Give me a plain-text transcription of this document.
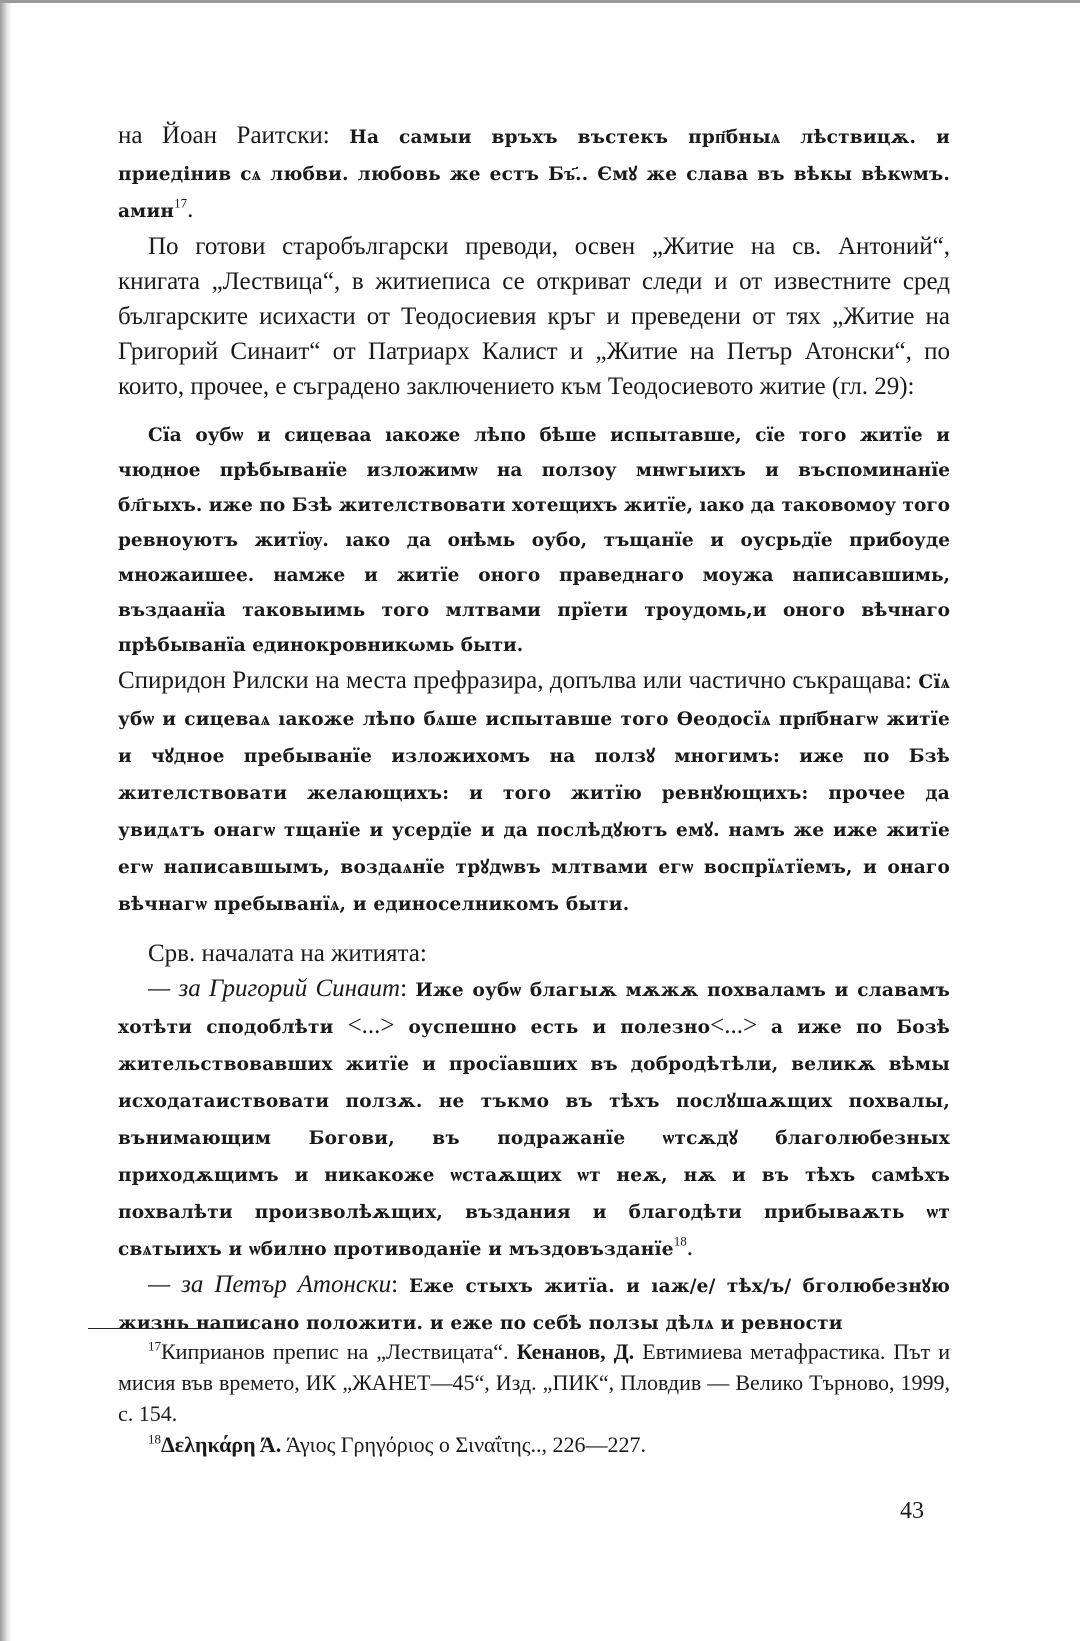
на Йоан Раитски: На самыи връхъ въстекъ прп҃бныѧ лѣствицѫ. и приедінив сѧ любви. любовь же естъ Бъ҃.. Ємꙋ же слава въ вѣкы вѣкѡмъ. амин$^{17}$.

По готови старобългарски преводи, освен „Житие на св. Антоний“, книгата „Лествица“, в житиеписа се откриват следи и от известните сред българските исихасти от Теодосиевия кръг и преведени от тях „Житие на Григорий Синаит“ от Патриарх Калист и „Житие на Петър Атонски“, по които, прочее, е съградено заключението към Теодосиевото житие (гл. 29):

Сїа оубѡ и сицевaa ıакоже лѣпо бѣше испытавше, сїе того житїе и чюдное прѣбыванїе изложимѡ на ползоу мнѡгыихъ и въспоминанїе бл҃гыхъ. иже по Бзѣ жителствовати хотещихъ житїе, ıако да таковомоу того ревноуютъ житїѹ. ıако да онѣмь оубо, тъщанїе и оусрьдїе прибоуде множаишее. намже и житїе оного праведнаго моужа написавшимь, въздаанїа таковыимь того млтвами прїети троудомь,и оного вѣчнаго прѣбыванїа единокровникωмь быти.

Спиридон Рилски на места префразира, допълва или частично съкращава: Сїѧ убѡ и сицеваѧ ıакоже лѣпо бѧше испытавше того Ѳеодосїѧ прп҃бнагѡ житїе и чꙋдное пребыванїе изложихомъ на ползꙋ многимъ: иже по Бзѣ жителствовати желающихъ: и того житїю ревнꙋющихъ: прочее да увидѧтъ онагѡ тщанїе и усердїе и да послѣдꙋютъ емꙋ. намъ же иже житїе егѡ написавшымъ, воздаѧнїе трꙋдѡвъ млтвами егѡ воспрїѧтїемъ, и онаго вѣчнагѡ пребыванїѧ, и единоселникомъ быти.

Срв. началата на житията:

— за Григорий Синаит: Иже оубѡ благыѫ мѫжѫ похваламъ и славамъ хотѣти сподоблѣти <...> оуспешно есть и полезно<...> а иже по Бозѣ жительствовавших житїе и просїавших въ добродѣтѣли, великѫ вѣмы исходатаиствовати ползѫ. не тъкмо въ тѣхъ послꙋшаѫщих похвалы, вънимающим Богови, въ подражанїе ѡтсѫдꙋ благолюбезных приходѫщимъ и никакоже ѡстаѫщих ѡт неѫ, нѫ и въ тѣхъ самѣхъ похвалѣти произволѣѫщих, въздания и благодѣти прибываѫть ѡт свѧтыихъ и ѡбилно противоданїе и мъздовъзданїе$^{18}$.

— за Петър Атонски: Еже стыхъ житїа. и ıаж/е/ тѣх/ъ/ бголюбезнꙋю жизнь написано положити. и еже по себѣ ползы дѣлѧ и ревности

$^{17}$Киприанов препис на „Лествицата“. Кенанов, Д. Евтимиева метафрастика. Път и мисия във времето, ИК „ЖАНЕТ—45“, Изд. „ПИК“, Пловдив — Велико Търново, 1999, с. 154.

$^{18}$Δεληκάρη Ά. Άγιος Γρηγόριος ο Σιναΐτης.., 226—227.

43
